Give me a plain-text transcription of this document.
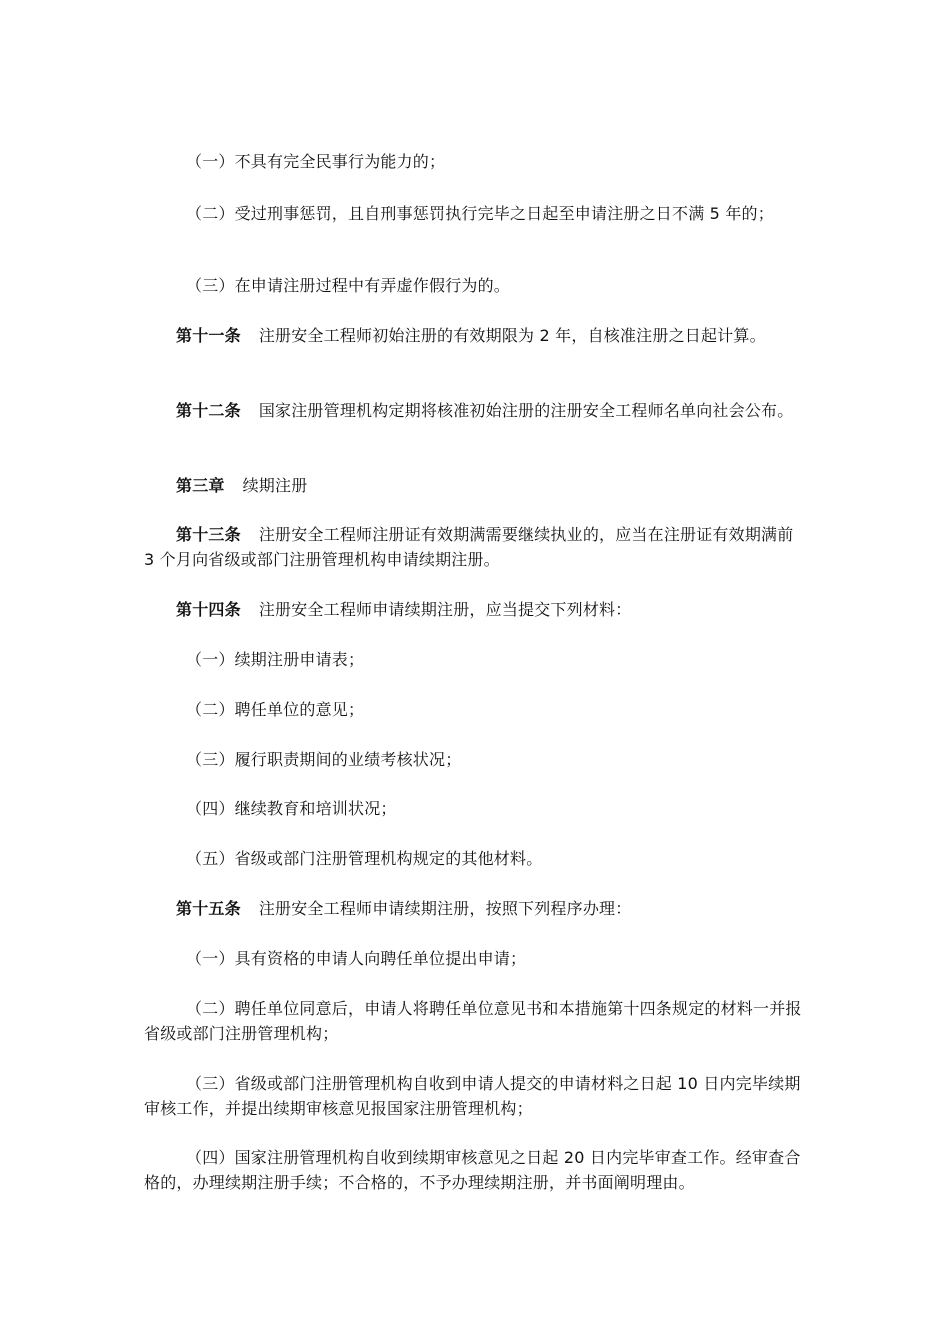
（一）不具有完全民事行为能力的；

（二）受过刑事惩罚，且自刑事惩罚执行完毕之日起至申请注册之日不满 5 年的；

（三）在申请注册过程中有弄虚作假行为的。

第十一条 注册安全工程师初始注册的有效期限为 2 年，自核准注册之日起计算。

第十二条 国家注册管理机构定期将核准初始注册的注册安全工程师名单向社会公布。

第三章 续期注册

第十三条 注册安全工程师注册证有效期满需要继续执业的，应当在注册证有效期满前 3 个月向省级或部门注册管理机构申请续期注册。

第十四条 注册安全工程师申请续期注册，应当提交下列材料：

（一）续期注册申请表；

（二）聘任单位的意见；

（三）履行职责期间的业绩考核状况；

（四）继续教育和培训状况；

（五）省级或部门注册管理机构规定的其他材料。

第十五条 注册安全工程师申请续期注册，按照下列程序办理：

（一）具有资格的申请人向聘任单位提出申请；

（二）聘任单位同意后，申请人将聘任单位意见书和本措施第十四条规定的材料一并报省级或部门注册管理机构；

（三）省级或部门注册管理机构自收到申请人提交的申请材料之日起 10 日内完毕续期审核工作，并提出续期审核意见报国家注册管理机构；

（四）国家注册管理机构自收到续期审核意见之日起 20 日内完毕审查工作。经审查合格的，办理续期注册手续；不合格的，不予办理续期注册，并书面阐明理由。
